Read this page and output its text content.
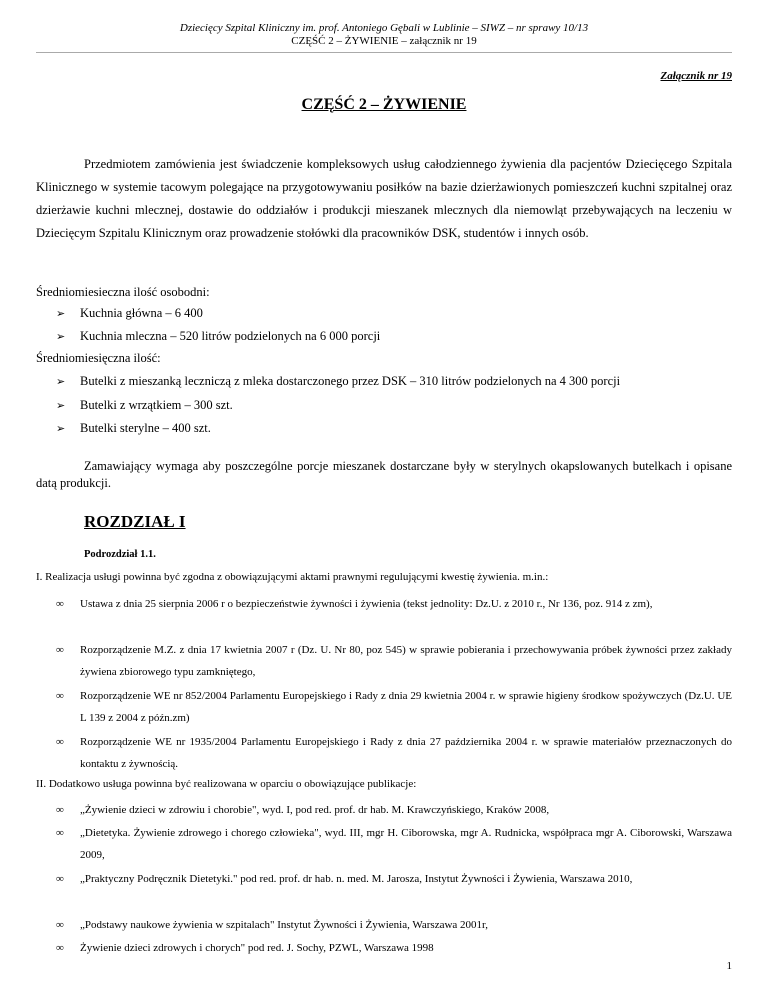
Dziecięcy Szpital Kliniczny im. prof. Antoniego Gębali w Lublinie – SIWZ – nr sprawy 10/13
CZĘŚĆ 2 – ŻYWIENIE – załącznik nr 19
Załącznik nr 19
CZĘŚĆ 2 – ŻYWIENIE
Przedmiotem zamówienia jest świadczenie kompleksowych usług całodziennego żywienia dla pacjentów Dziecięcego Szpitala Klinicznego w systemie tacowym polegające na przygotowywaniu posiłków na bazie dzierżawionych pomieszczeń kuchni szpitalnej oraz dzierżawie kuchni mlecznej, dostawie do oddziałów i produkcji mieszanek mlecznych dla niemowląt przebywających na leczeniu w Dziecięcym Szpitalu Klinicznym oraz prowadzenie stołówki dla pracowników DSK, studentów i innych osób.
Średniomiesieczna ilość osobodni:
➢ Kuchnia główna – 6 400
➢ Kuchnia mleczna – 520 litrów podzielonych na 6 000 porcji
Średniomiesięczna ilość:
➢ Butelki z mieszanką leczniczą z mleka dostarczonego przez DSK – 310 litrów podzielonych na 4 300 porcji
➢ Butelki z wrzątkiem – 300 szt.
➢ Butelki sterylne – 400 szt.
Zamawiający wymaga aby poszczególne porcje mieszanek dostarczane były w sterylnych okapslowanych butelkach i opisane datą produkcji.
ROZDZIAŁ I
Podrozdział 1.1.
I. Realizacja usługi powinna być zgodna z obowiązującymi aktami prawnymi regulującymi kwestię żywienia. m.in.:
∞	Ustawa z dnia 25 sierpnia 2006 r o bezpieczeństwie żywności i żywienia (tekst jednolity: Dz.U. z 2010 r., Nr 136, poz. 914 z zm),
∞	Rozporządzenie M.Z. z dnia 17 kwietnia 2007 r (Dz. U. Nr 80, poz 545) w sprawie pobierania i przechowywania próbek żywności przez zakłady żywiena zbiorowego typu zamkniętego,
∞	Rozporządzenie WE nr 852/2004 Parlamentu Europejskiego i Rady z dnia 29 kwietnia 2004 r. w sprawie higieny środkow spożywczych (Dz.U. UE L 139 z 2004 z późn.zm)
∞	Rozporządzenie WE nr 1935/2004 Parlamentu Europejskiego i Rady z dnia 27 października 2004 r. w sprawie materiałów przeznaczonych do kontaktu z żywnością.
II. Dodatkowo usługa powinna być realizowana w oparciu o obowiązujące publikacje:
∞	„Żywienie dzieci w zdrowiu i chorobie", wyd. I, pod red. prof. dr hab. M. Krawczyńskiego, Kraków 2008,
∞	„Dietetyka. Żywienie zdrowego i chorego człowieka", wyd. III, mgr H. Ciborowska, mgr A. Rudnicka, współpraca mgr A. Ciborowski, Warszawa 2009,
∞	„Praktyczny Podręcznik Dietetyki." pod red. prof. dr hab. n. med. M. Jarosza, Instytut Żywności i Żywienia, Warszawa 2010,
∞	„Podstawy naukowe żywienia w szpitalach" Instytut Żywności i Żywienia, Warszawa 2001r,
∞	Żywienie dzieci zdrowych i chorych" pod red. J. Sochy, PZWL, Warszawa 1998
1
